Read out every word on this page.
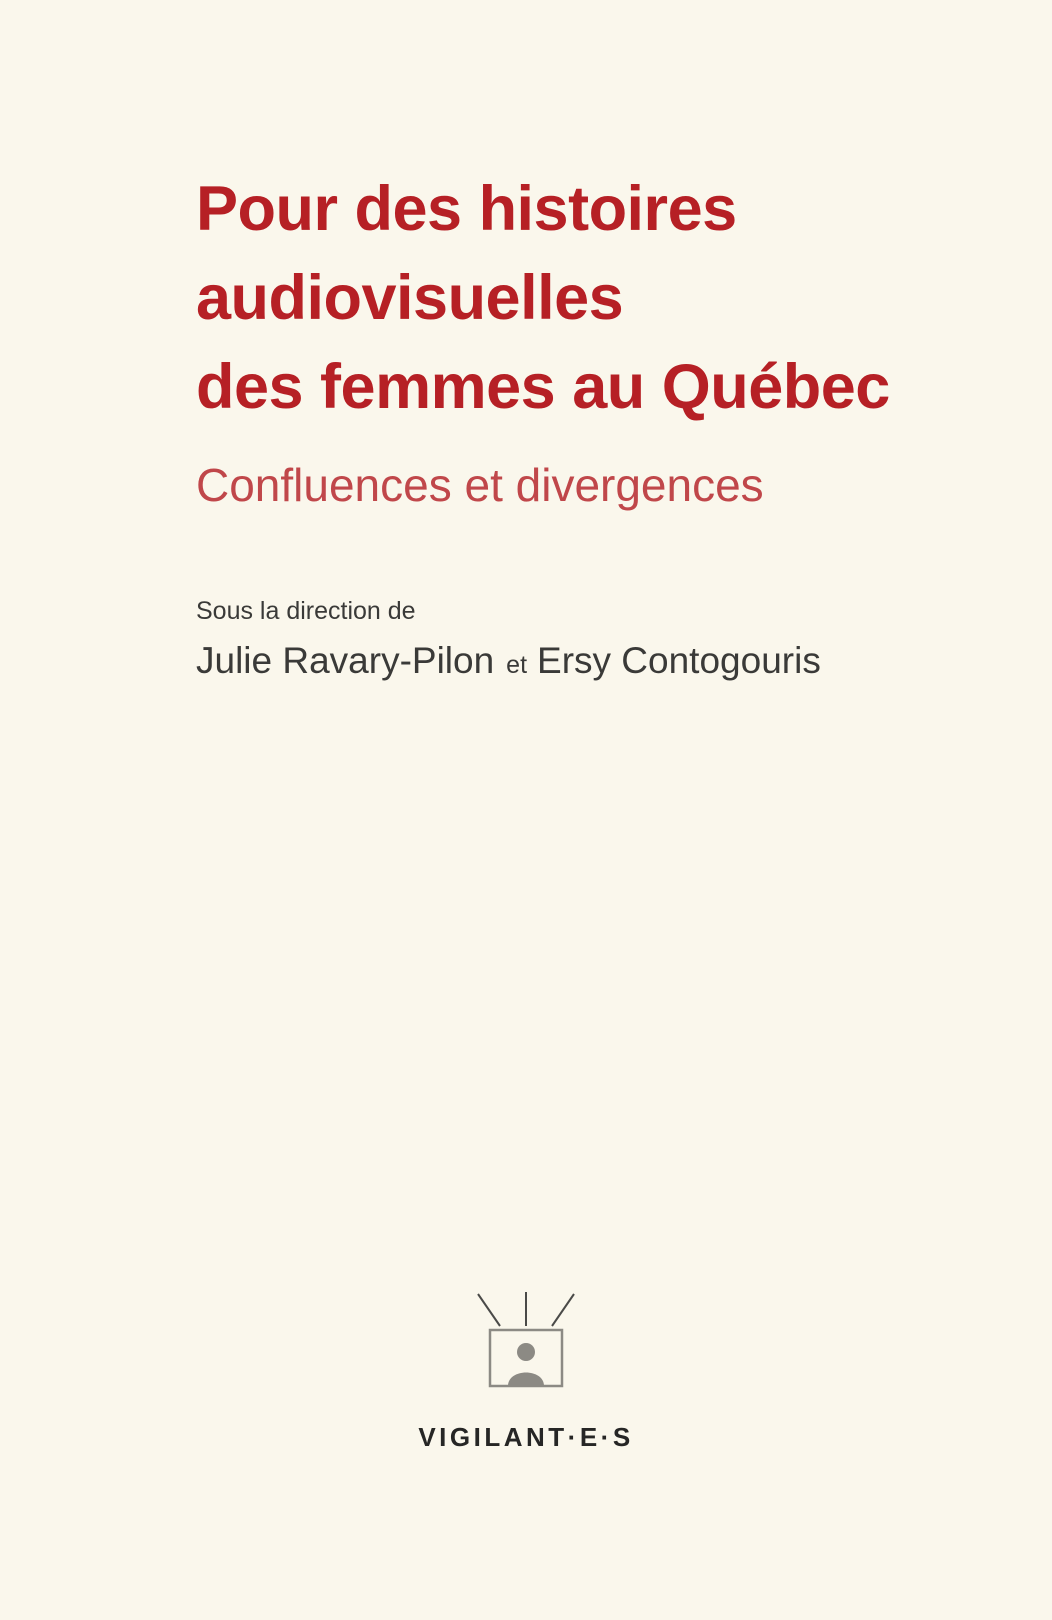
Pour des histoires
audiovisuelles
des femmes au Québec
Confluences et divergences
Sous la direction de
Julie Ravary-Pilon et Ersy Contogouris
VIGILANT·E·S
